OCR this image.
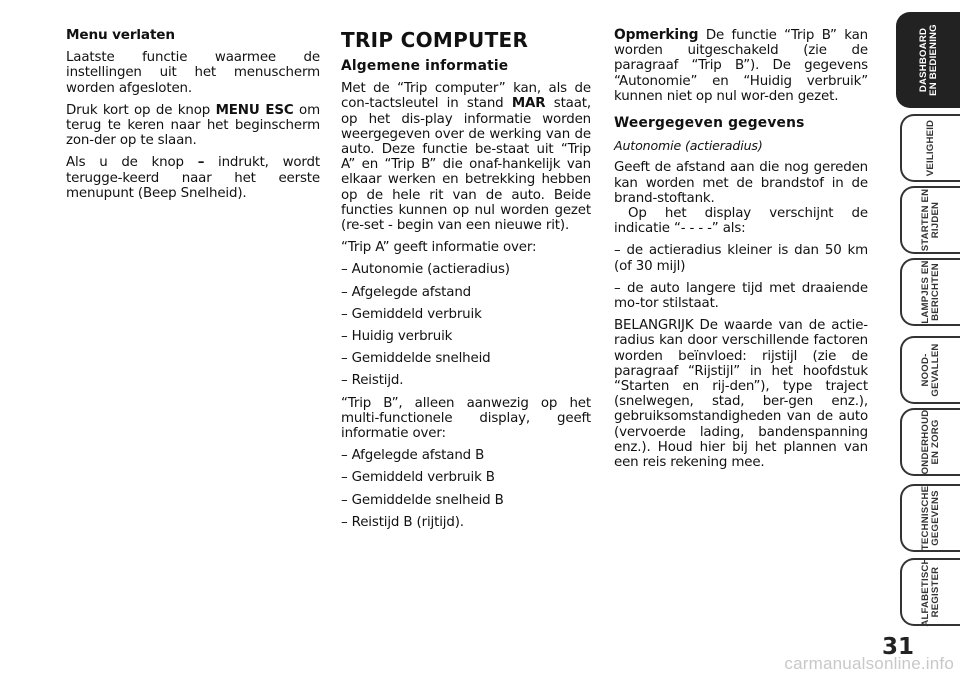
Menu verlaten

Laatste functie waarmee de instellingen uit het menuscherm worden afgesloten.

Druk kort op de knop MENU ESC om terug te keren naar het beginscherm zon-der op te slaan.

Als u de knop – indrukt, wordt terugge-keerd naar het eerste menupunt (Beep Snelheid).

TRIP COMPUTER

Algemene informatie

Met de “Trip computer” kan, als de con-tactsleutel in stand MAR staat, op het dis-play informatie worden weergegeven over de werking van de auto. Deze functie be-staat uit “Trip A” en “Trip B” die onaf-hankelijk van elkaar werken en betrekking hebben op de hele rit van de auto. Beide functies kunnen op nul worden gezet (re-set - begin van een nieuwe rit).

“Trip A” geeft informatie over:

– Autonomie (actieradius)

– Afgelegde afstand

– Gemiddeld verbruik

– Huidig verbruik

– Gemiddelde snelheid

– Reistijd.

“Trip B”, alleen aanwezig op het multi-functionele display, geeft informatie over:

– Afgelegde afstand B

– Gemiddeld verbruik B

– Gemiddelde snelheid B

– Reistijd B (rijtijd).

Opmerking De functie “Trip B” kan worden uitgeschakeld (zie de paragraaf “Trip B”). De gegevens “Autonomie” en “Huidig verbruik” kunnen niet op nul wor-den gezet.

Weergegeven gegevens

Autonomie (actieradius)

Geeft de afstand aan die nog gereden kan worden met de brandstof in de brand-stoftank.

Op het display verschijnt de indicatie “- - - -” als:

– de actieradius kleiner is dan 50 km (of 30 mijl)

– de auto langere tijd met draaiende mo-tor stilstaat.

BELANGRIJK De waarde van de actie-radius kan door verschillende factoren worden beïnvloed: rijstijl (zie de paragraaf “Rijstijl” in het hoofdstuk “Starten en rij-den”), type traject (snelwegen, stad, ber-gen enz.), gebruiksomstandigheden van de auto (vervoerde lading, bandenspanning enz.). Houd hier bij het plannen van een reis rekening mee.

DASHBOARD
EN BEDIENING
VEILIGHEID
STARTEN EN
RIJDEN
LAMPJES EN
BERICHTEN
NOOD-
GEVALLEN
ONDERHOUD
EN ZORG
TECHNISCHE
GEGEVENS
ALFABETISCH
REGISTER
31
carmanualsonline.info
